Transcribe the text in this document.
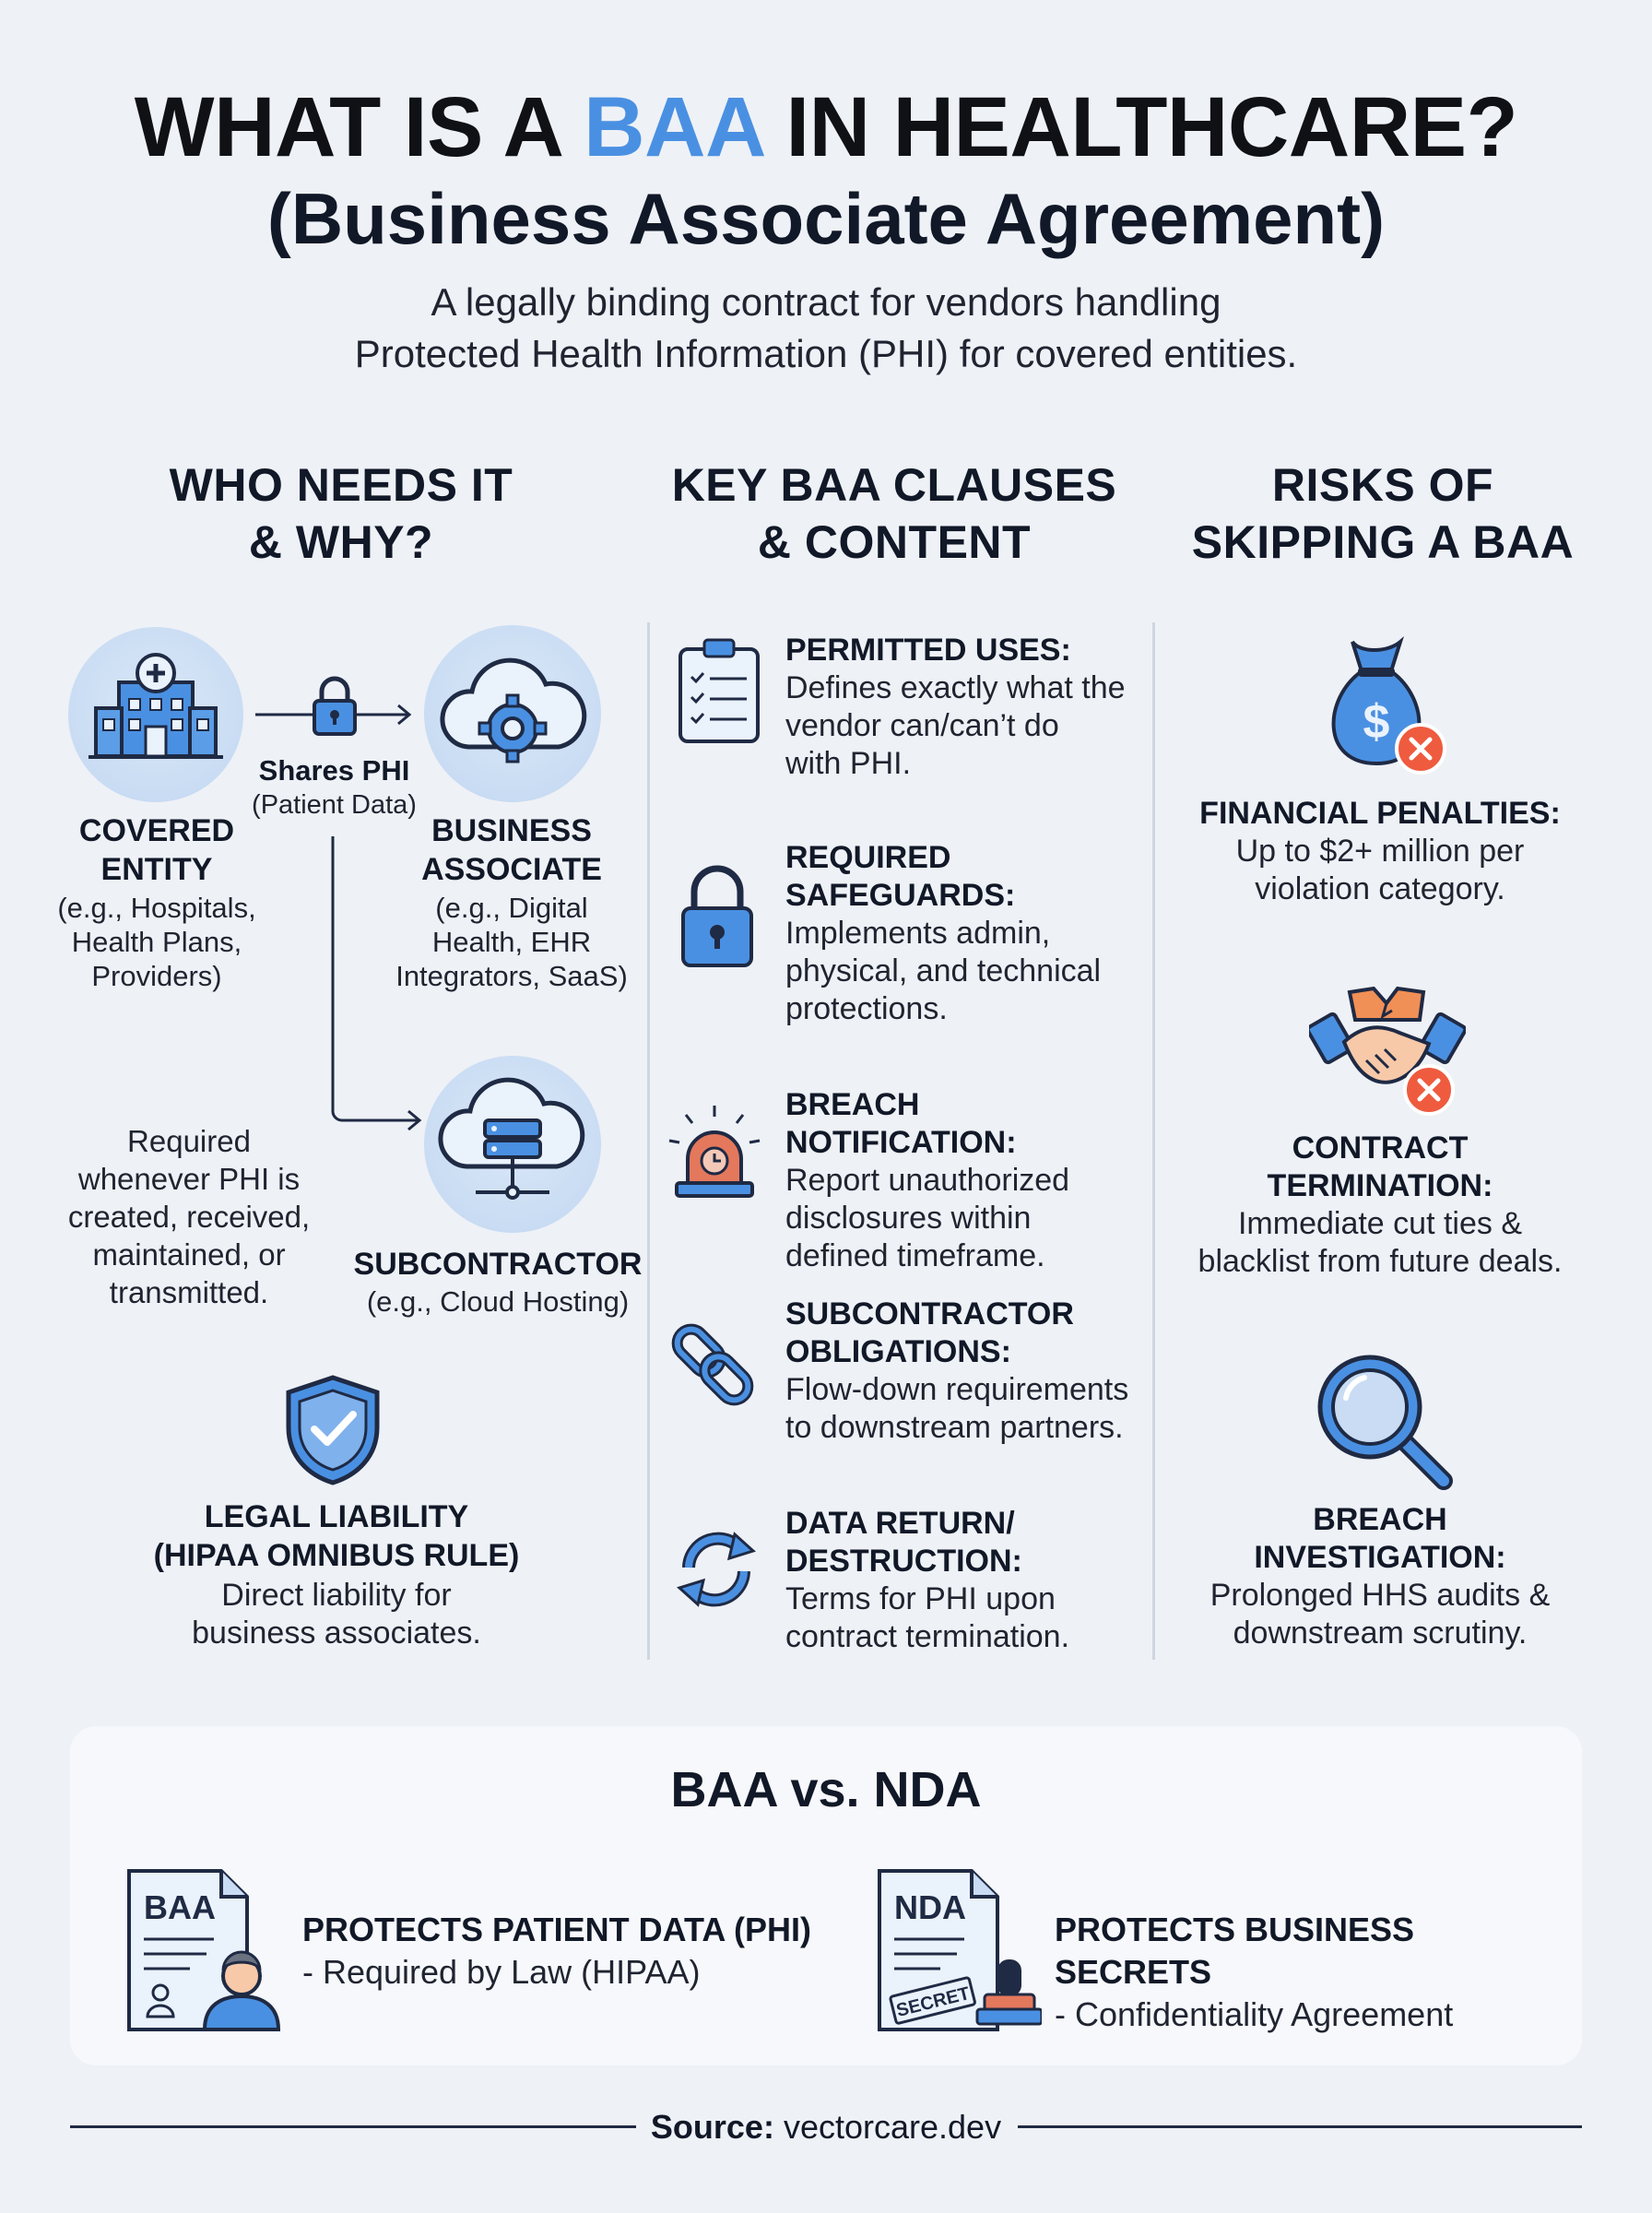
WHAT IS A BAA IN HEALTHCARE?
(Business Associate Agreement)
A legally binding contract for vendors handling
Protected Health Information (PHI) for covered entities.
WHO NEEDS IT
& WHY?
KEY BAA CLAUSES
& CONTENT
RISKS OF
SKIPPING A BAA
COVERED
ENTITY
(e.g., Hospitals,
Health Plans,
Providers)
Shares PHI
(Patient Data)
BUSINESS
ASSOCIATE
(e.g., Digital
Health, EHR
Integrators, SaaS)
Required
whenever PHI is
created, received,
maintained, or
transmitted.
SUBCONTRACTOR
(e.g., Cloud Hosting)
LEGAL LIABILITY
(HIPAA OMNIBUS RULE)
Direct liability for
business associates.
PERMITTED USES:
Defines exactly what the
vendor can/can’t do
with PHI.
REQUIRED
SAFEGUARDS:
Implements admin,
physical, and technical
protections.
BREACH NOTIFICATION:
Report unauthorized
disclosures within
defined timeframe.
SUBCONTRACTOR
OBLIGATIONS:
Flow-down requirements
to downstream partners.
DATA RETURN/
DESTRUCTION:
Terms for PHI upon
contract termination.
$
FINANCIAL PENALTIES:
Up to $2+ million per
violation category.
CONTRACT
TERMINATION:
Immediate cut ties &
blacklist from future deals.
BREACH
INVESTIGATION:
Prolonged HHS audits &
downstream scrutiny.
BAA vs. NDA
BAA
PROTECTS PATIENT DATA (PHI)
- Required by Law (HIPAA)
NDA
SECRET
PROTECTS BUSINESS SECRETS
- Confidentiality Agreement
Source: vectorcare.dev
